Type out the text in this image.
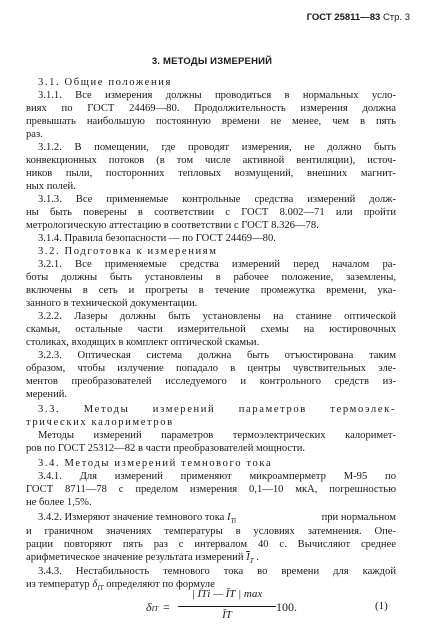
ГОСТ 25811—83 Стр. 3
3. МЕТОДЫ ИЗМЕРЕНИЙ
3.1. Общие положения
3.1.1. Все измерения должны проводиться в нормальных усло-
виях по ГОСТ 24469—80. Продолжительность измерения должна
превышать наибольшую постоянную времени не менее, чем в пять
раз.
3.1.2. В помещении, где проводят измерения, не должно быть
конвекционных потоков (в том числе активной вентиляции), источ-
ников пыли, посторонних тепловых возмущений, внешних магнит-
ных полей.
3.1.3. Все применяемые контрольные средства измерений долж-
ны быть поверены в соответствии с ГОСТ 8.002—71 или пройти
метрологическую аттестацию в соответствии с ГОСТ 8.326—78.
3.1.4. Правила безопасности — по ГОСТ 24469—80.
3.2. Подготовка к измерениям
3.2.1. Все применяемые средства измерений перед началом ра-
боты должны быть установлены в рабочее положение, заземлены,
включены в сеть и прогреты в течение промежутка времени, ука-
занного в технической документации.
3.2.2. Лазеры должны быть установлены на станине оптической
скамьи, остальные части измерительной схемы на юстировочных
столиках, входящих в комплект оптической скамьи.
3.2.3. Оптическая система должна быть отъюстирована таким
образом, чтобы излучение попадало в центры чувствительных эле-
ментов преобразователей исследуемого и контрольного средств из-
мерений.
3.3. Методы измерений параметров термоэлек-
трических калориметров
Методы измерений параметров термоэлектрических калоримет-
ров по ГОСТ 25312—82 в части преобразователей мощности.
3.4. Методы измерений темнового тока
3.4.1. Для измерений применяют микроамперметр М-95 по
ГОСТ 8711—78 с пределом измерения 0,1—10 мкА, погрешностью
не более 1,5%.
3.4.2. Измеряют значение темнового тока $I_{Ti}$	при нормальном
и граничном значениях температуры в условиях затемнения. Опе-
рации повторяют пять раз с интервалом 40 с. Вычисляют среднее
арифметическое значение результата измерений $\overline{I}_T$ .
3.4.3. Нестабильность темнового тока во времени для каждой
из температур $\delta_{IT}$ определяют по формуле
δIT =
| IТi — ĪТ | max
ĪТ
100.	(1)
